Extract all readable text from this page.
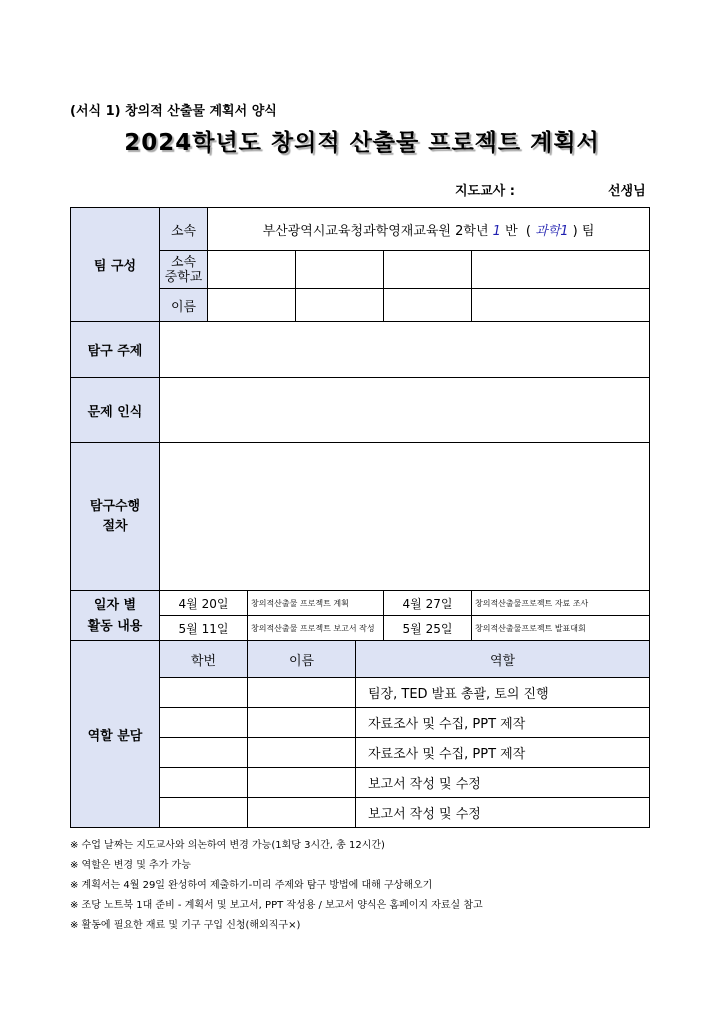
(서식 1) 창의적 산출물 계획서 양식
2024학년도 창의적 산출물 프로젝트 계획서
지도교사 :	선생님
팀 구성	소속	부산광역시교육청과학영재교육원 2학년 1 반 ( 과학1 ) 팀						
	소속
중학교							
	이름							
탐구 주제								
문제 인식								
탐구수행
절차								
일자 별
활동 내용	4월 20일		창의적산출물 프로젝트 계획			4월 27일	창의적산출물프로젝트 자료 조사	
	5월 11일		창의적산출물 프로젝트 보고서 작성			5월 25일	창의적산출물프로젝트 발표대회	
역할 분담	학번		이름		역할			
					팀장, TED 발표 총괄, 토의 진행			
					자료조사 및 수집, PPT 제작			
					자료조사 및 수집, PPT 제작			
					보고서 작성 및 수정			
					보고서 작성 및 수정			
※ 수업 날짜는 지도교사와 의논하여 변경 가능(1회당 3시간, 총 12시간)
※ 역할은 변경 및 추가 가능
※ 계획서는 4월 29일 완성하여 제출하기-미리 주제와 탐구 방법에 대해 구상해오기
※ 조당 노트북 1대 준비 - 계획서 및 보고서, PPT 작성용 / 보고서 양식은 홈페이지 자료실 참고
※ 활동에 필요한 재료 및 기구 구입 신청(해외직구×)
